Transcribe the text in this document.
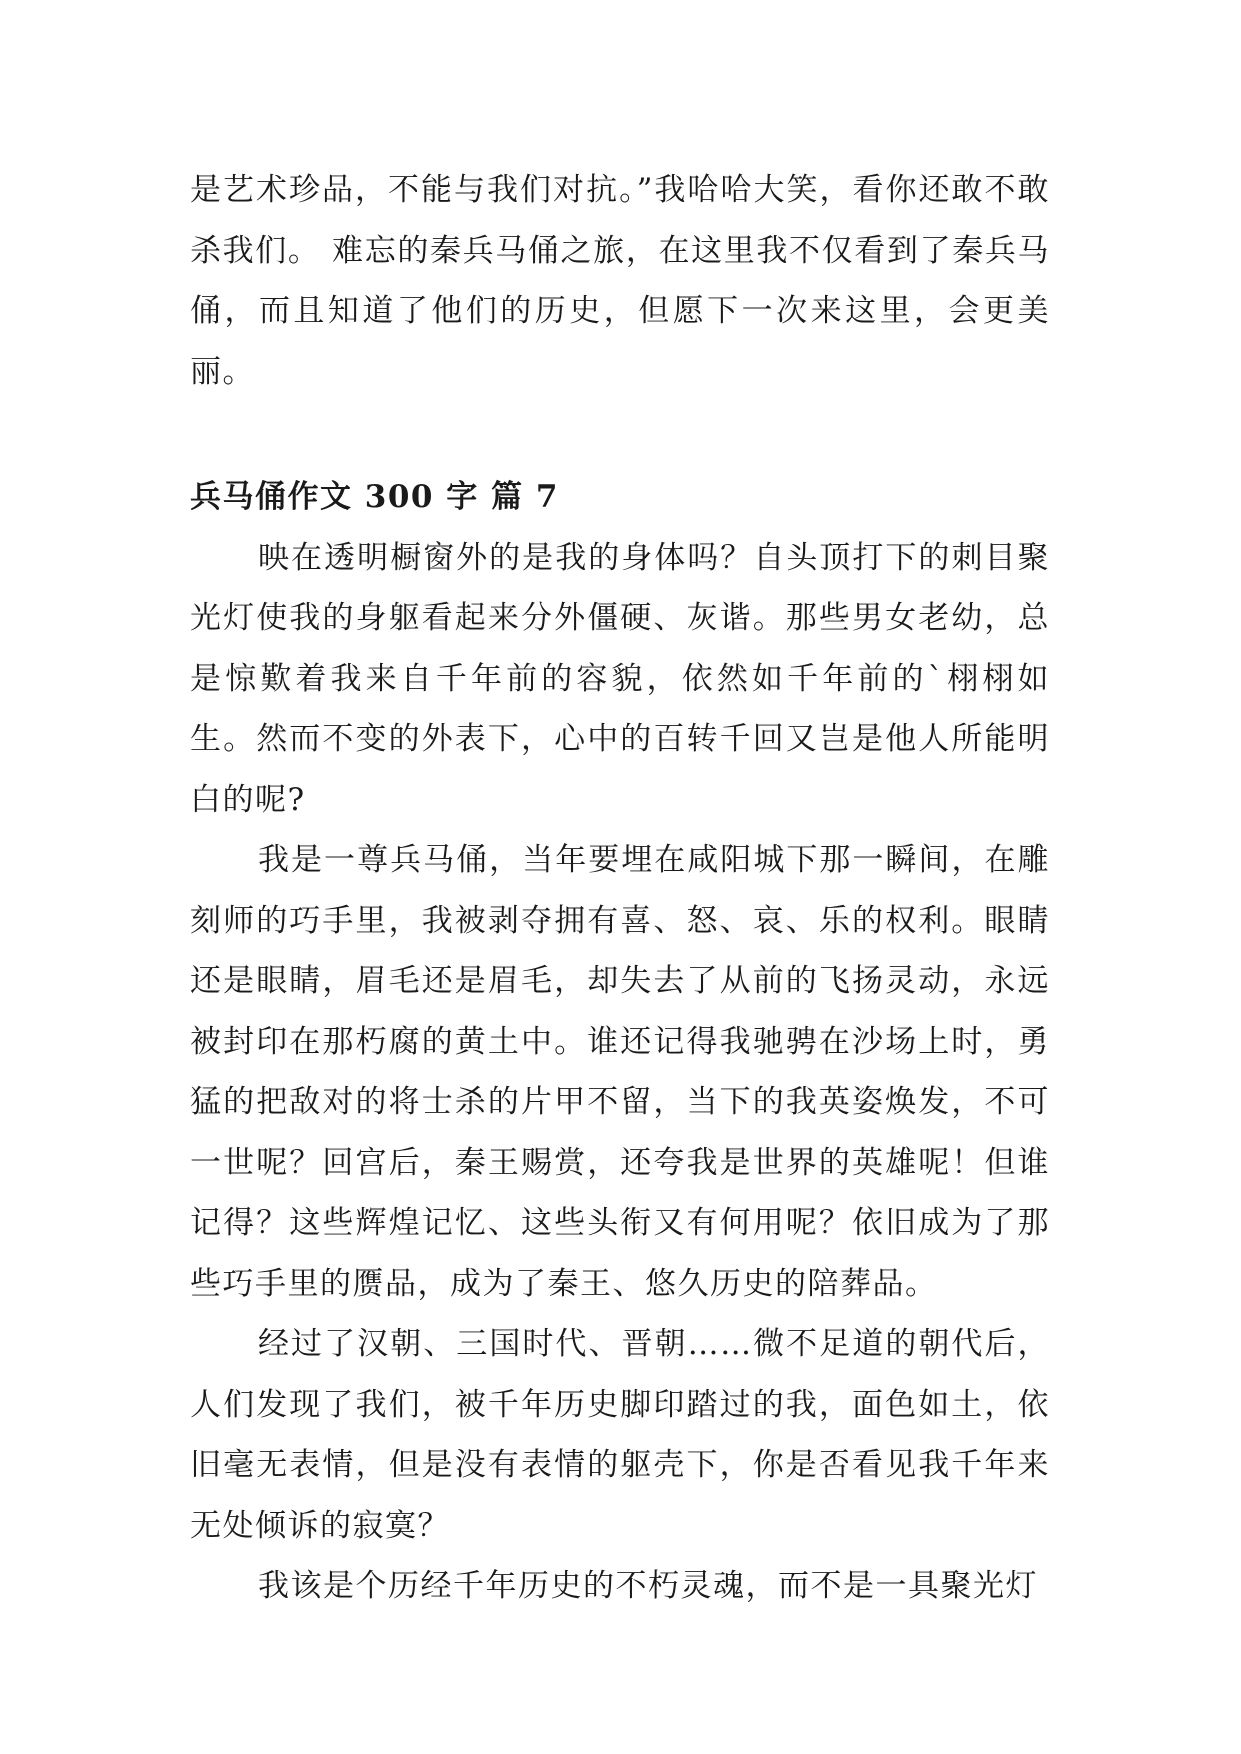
是艺术珍品，不能与我们对抗。”我哈哈大笑，看你还敢不敢杀我们。 难忘的秦兵马俑之旅，在这里我不仅看到了秦兵马俑，而且知道了他们的历史，但愿下一次来这里，会更美丽。

兵马俑作文 300 字 篇 7

映在透明橱窗外的是我的身体吗？自头顶打下的刺目聚光灯使我的身躯看起来分外僵硬、灰谐。那些男女老幼，总是惊歎着我来自千年前的容貌，依然如千年前的`栩栩如生。然而不变的外表下，心中的百转千回又岂是他人所能明白的呢?

我是一尊兵马俑，当年要埋在咸阳城下那一瞬间，在雕刻师的巧手里，我被剥夺拥有喜、怒、哀、乐的权利。眼睛还是眼睛，眉毛还是眉毛，却失去了从前的飞扬灵动，永远被封印在那朽腐的黄土中。谁还记得我驰骋在沙场上时，勇猛的把敌对的将士杀的片甲不留，当下的我英姿焕发，不可一世呢？回宫后，秦王赐赏，还夸我是世界的英雄呢！但谁记得？这些辉煌记忆、这些头衔又有何用呢？依旧成为了那些巧手里的赝品，成为了秦王、悠久历史的陪葬品。

经过了汉朝、三国时代、晋朝……微不足道的朝代后，人们发现了我们，被千年历史脚印踏过的我，面色如土，依旧毫无表情，但是没有表情的躯壳下，你是否看见我千年来无处倾诉的寂寞？

我该是个历经千年历史的不朽灵魂，而不是一具聚光灯
